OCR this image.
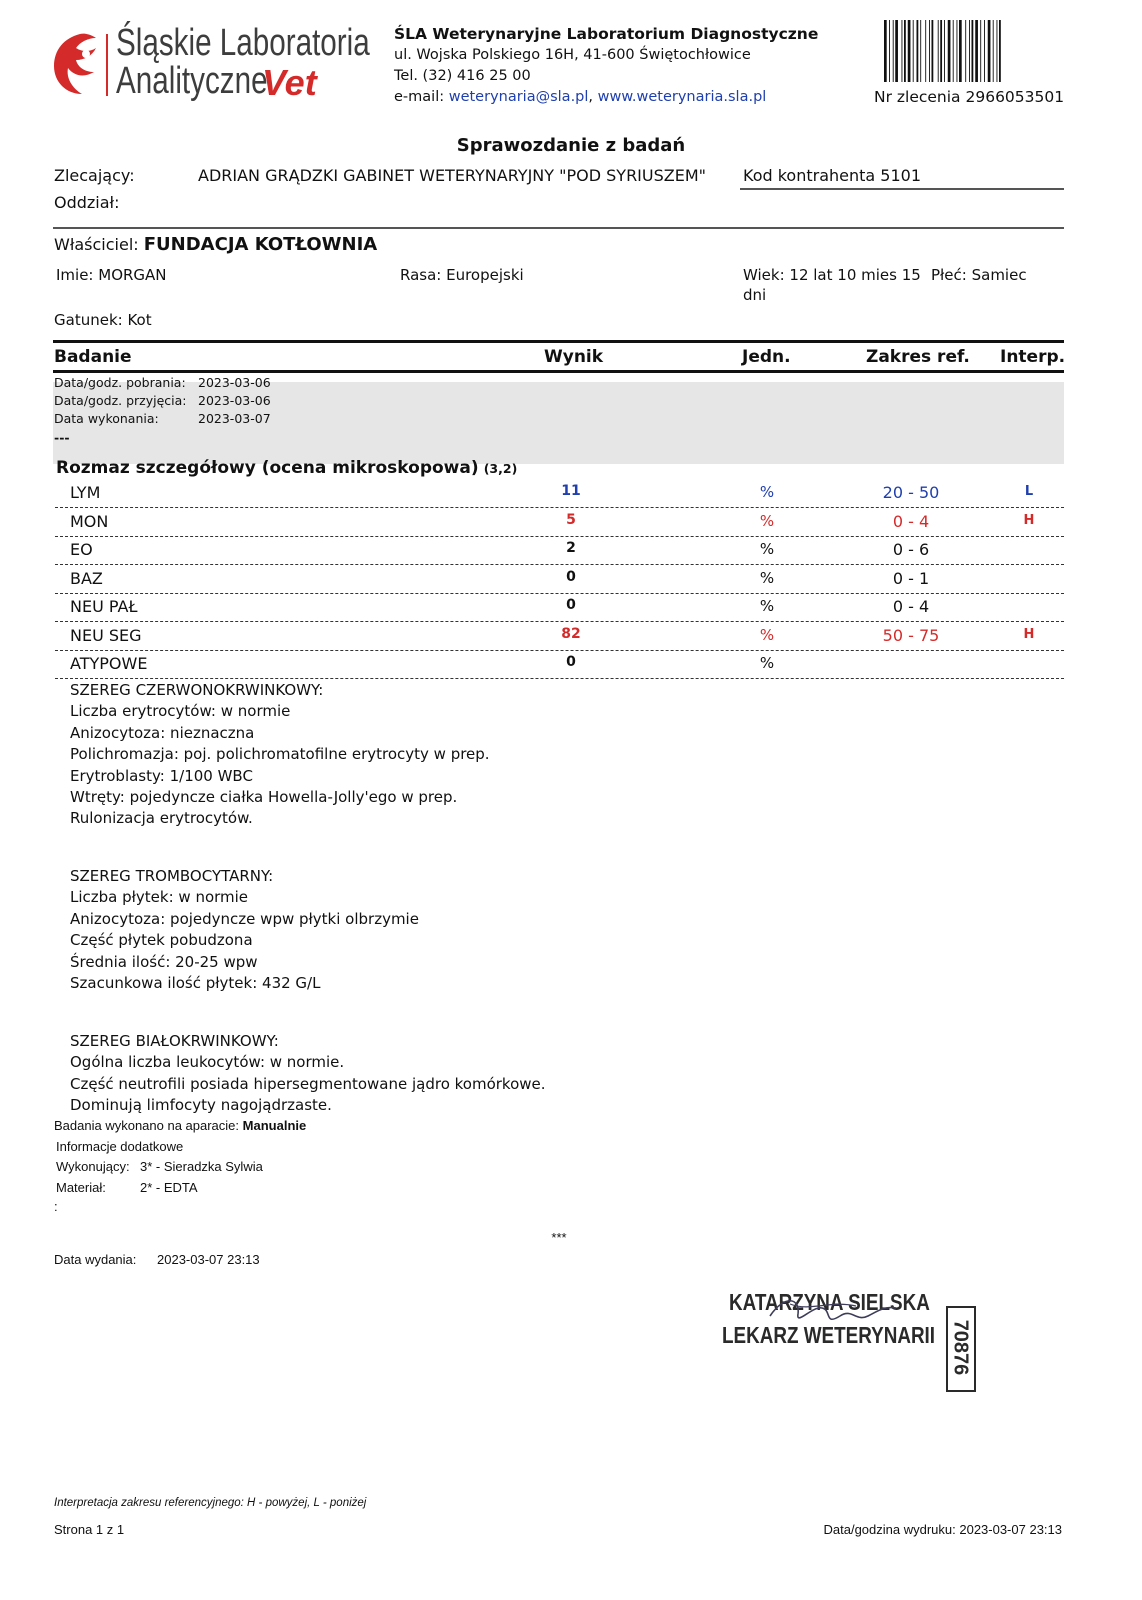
Śląskie Laboratoria
Analityczne
Vet
ŚLA Weterynaryjne Laboratorium Diagnostyczne
ul. Wojska Polskiego 16H, 41-600 Świętochłowice
Tel. (32) 416 25 00
e-mail: weterynaria@sla.pl, www.weterynaria.sla.pl	Nr zlecenia 2966053501
Sprawozdanie z badań
Zlecający:	ADRIAN GRĄDZKI GABINET WETERYNARYJNY "POD SYRIUSZEM" Kod kontrahenta 5101
Oddział:
Właściciel: FUNDACJA KOTŁOWNIA
Imie: MORGAN	Rasa: Europejski	Wiek: 12 lat 10 mies 15
dni
Płeć: Samiec
Gatunek: Kot
Badanie	Wynik	Jedn.	Zakres ref. Interp.
Data/godz. pobrania: 2023-03-06
Data/godz. przyjęcia: 2023-03-06
Data wykonania:	2023-03-07
---
Rozmaz szczegółowy (ocena mikroskopowa) (3,2)
LYM	11	%	20 - 50	L
MON	5	%	0 - 4	H
EO	2	%	0 - 6
BAZ	0	%	0 - 1
NEU PAŁ	0	%	0 - 4
NEU SEG	82	%	50 - 75	H
ATYPOWE	0	%
SZEREG CZERWONOKRWINKOWY:
Liczba erytrocytów: w normie
Anizocytoza: nieznaczna
Polichromazja: poj. polichromatofilne erytrocyty w prep.
Erytroblasty: 1/100 WBC
Wtręty: pojedyncze ciałka Howella-Jolly'ego w prep.
Rulonizacja erytrocytów.
SZEREG TROMBOCYTARNY:
Liczba płytek: w normie
Anizocytoza: pojedyncze wpw płytki olbrzymie
Część płytek pobudzona
Średnia ilość: 20-25 wpw
Szacunkowa ilość płytek: 432 G/L
SZEREG BIAŁOKRWINKOWY:
Ogólna liczba leukocytów: w normie.
Część neutrofili posiada hipersegmentowane jądro komórkowe.
Dominują limfocyty nagojądrzaste.
Badania wykonano na aparacie: Manualnie
Informacje dodatkowe
Wykonujący: 3* - Sieradzka Sylwia
Materiał:	2* - EDTA
:
***
Data wydania: 2023-03-07 23:13
KATARZYNA SIELSKA
LEKARZ WETERYNARII 70876
Interpretacja zakresu referencyjnego: H - powyżej, L - poniżej
Strona 1 z 1	Data/godzina wydruku: 2023-03-07 23:13
